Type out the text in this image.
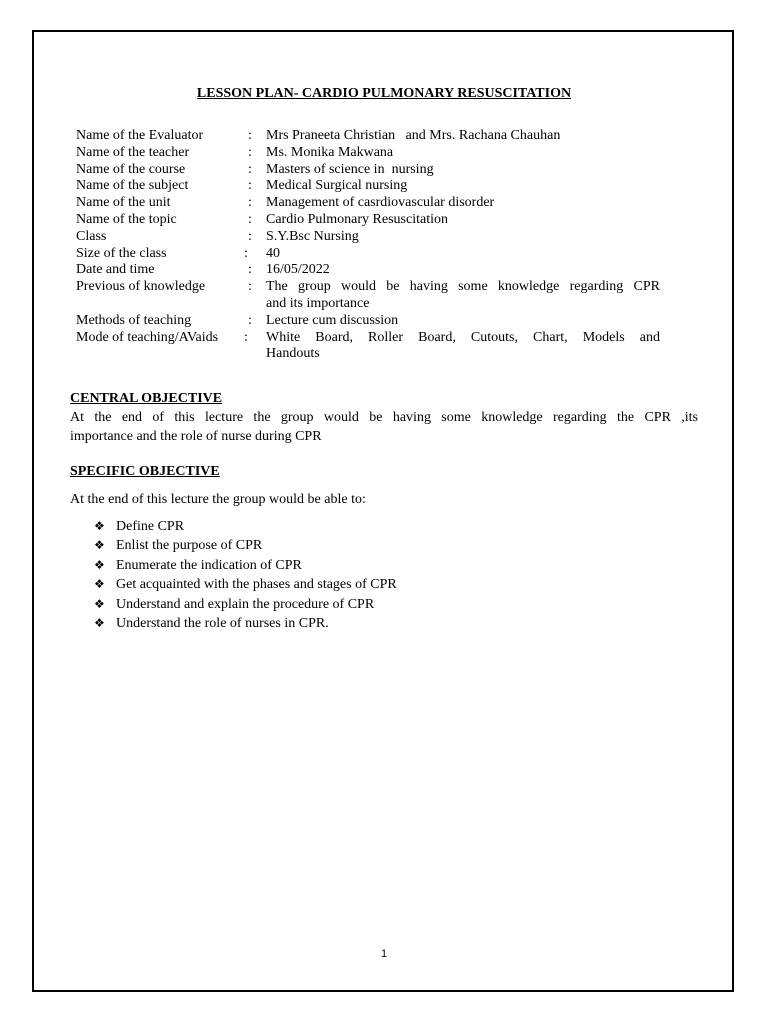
LESSON PLAN- CARDIO PULMONARY RESUSCITATION
Name of the Evaluator	:	Mrs Praneeta Christian   and Mrs. Rachana Chauhan
Name of the teacher	:	Ms. Monika Makwana
Name of the course	:	Masters of science in  nursing
Name of the subject	:	Medical Surgical nursing
Name of the unit	:	Management of casrdiovascular disorder
Name of the topic	:	Cardio Pulmonary Resuscitation
Class	:	S.Y.Bsc Nursing
Size of the class	:	40
Date and time	:	16/05/2022
Previous of knowledge	:	The group would be having some knowledge regarding CPR
and its importance
Methods of teaching	:	Lecture cum discussion
Mode of teaching/AVaids	:	White Board, Roller Board, Cutouts, Chart, Models and
Handouts
CENTRAL OBJECTIVE
At the end of this lecture the group would be having some knowledge regarding the CPR ,its
importance and the role of nurse during CPR
SPECIFIC OBJECTIVE
At the end of this lecture the group would be able to:
❖ Define CPR
❖ Enlist the purpose of CPR
❖ Enumerate the indication of CPR
❖ Get acquainted with the phases and stages of CPR
❖ Understand and explain the procedure of CPR
❖ Understand the role of nurses in CPR.
1
